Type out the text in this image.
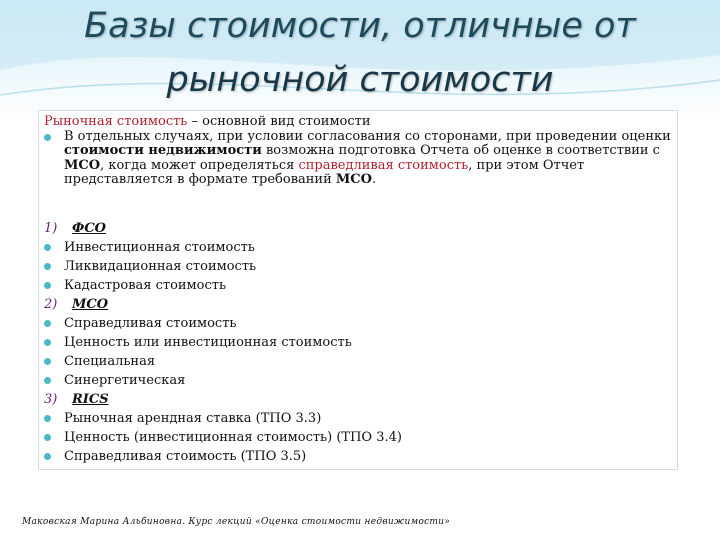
Базы стоимости, отличные от
рыночной стоимости
Рыночная стоимость – основной вид стоимости
В отдельных случаях, при условии согласования со сторонами, при проведении оценки стоимости недвижимости возможна подготовка Отчета об оценке в соответствии с МСО, когда может определяться справедливая стоимость, при этом Отчет представляется в формате требований МСО.
1)	ФСО
Инвестиционная стоимость
Ликвидационная стоимость
Кадастровая стоимость
2)	МСО
Справедливая стоимость
Ценность или инвестиционная стоимость
Специальная
Синергетическая
3)	RICS
Рыночная арендная ставка (ТПО 3.3)
Ценность (инвестиционная стоимость) (ТПО 3.4)
Справедливая стоимость (ТПО 3.5)
Маковская Марина Альбиновна. Курс лекций «Оценка стоимости недвижимости»
